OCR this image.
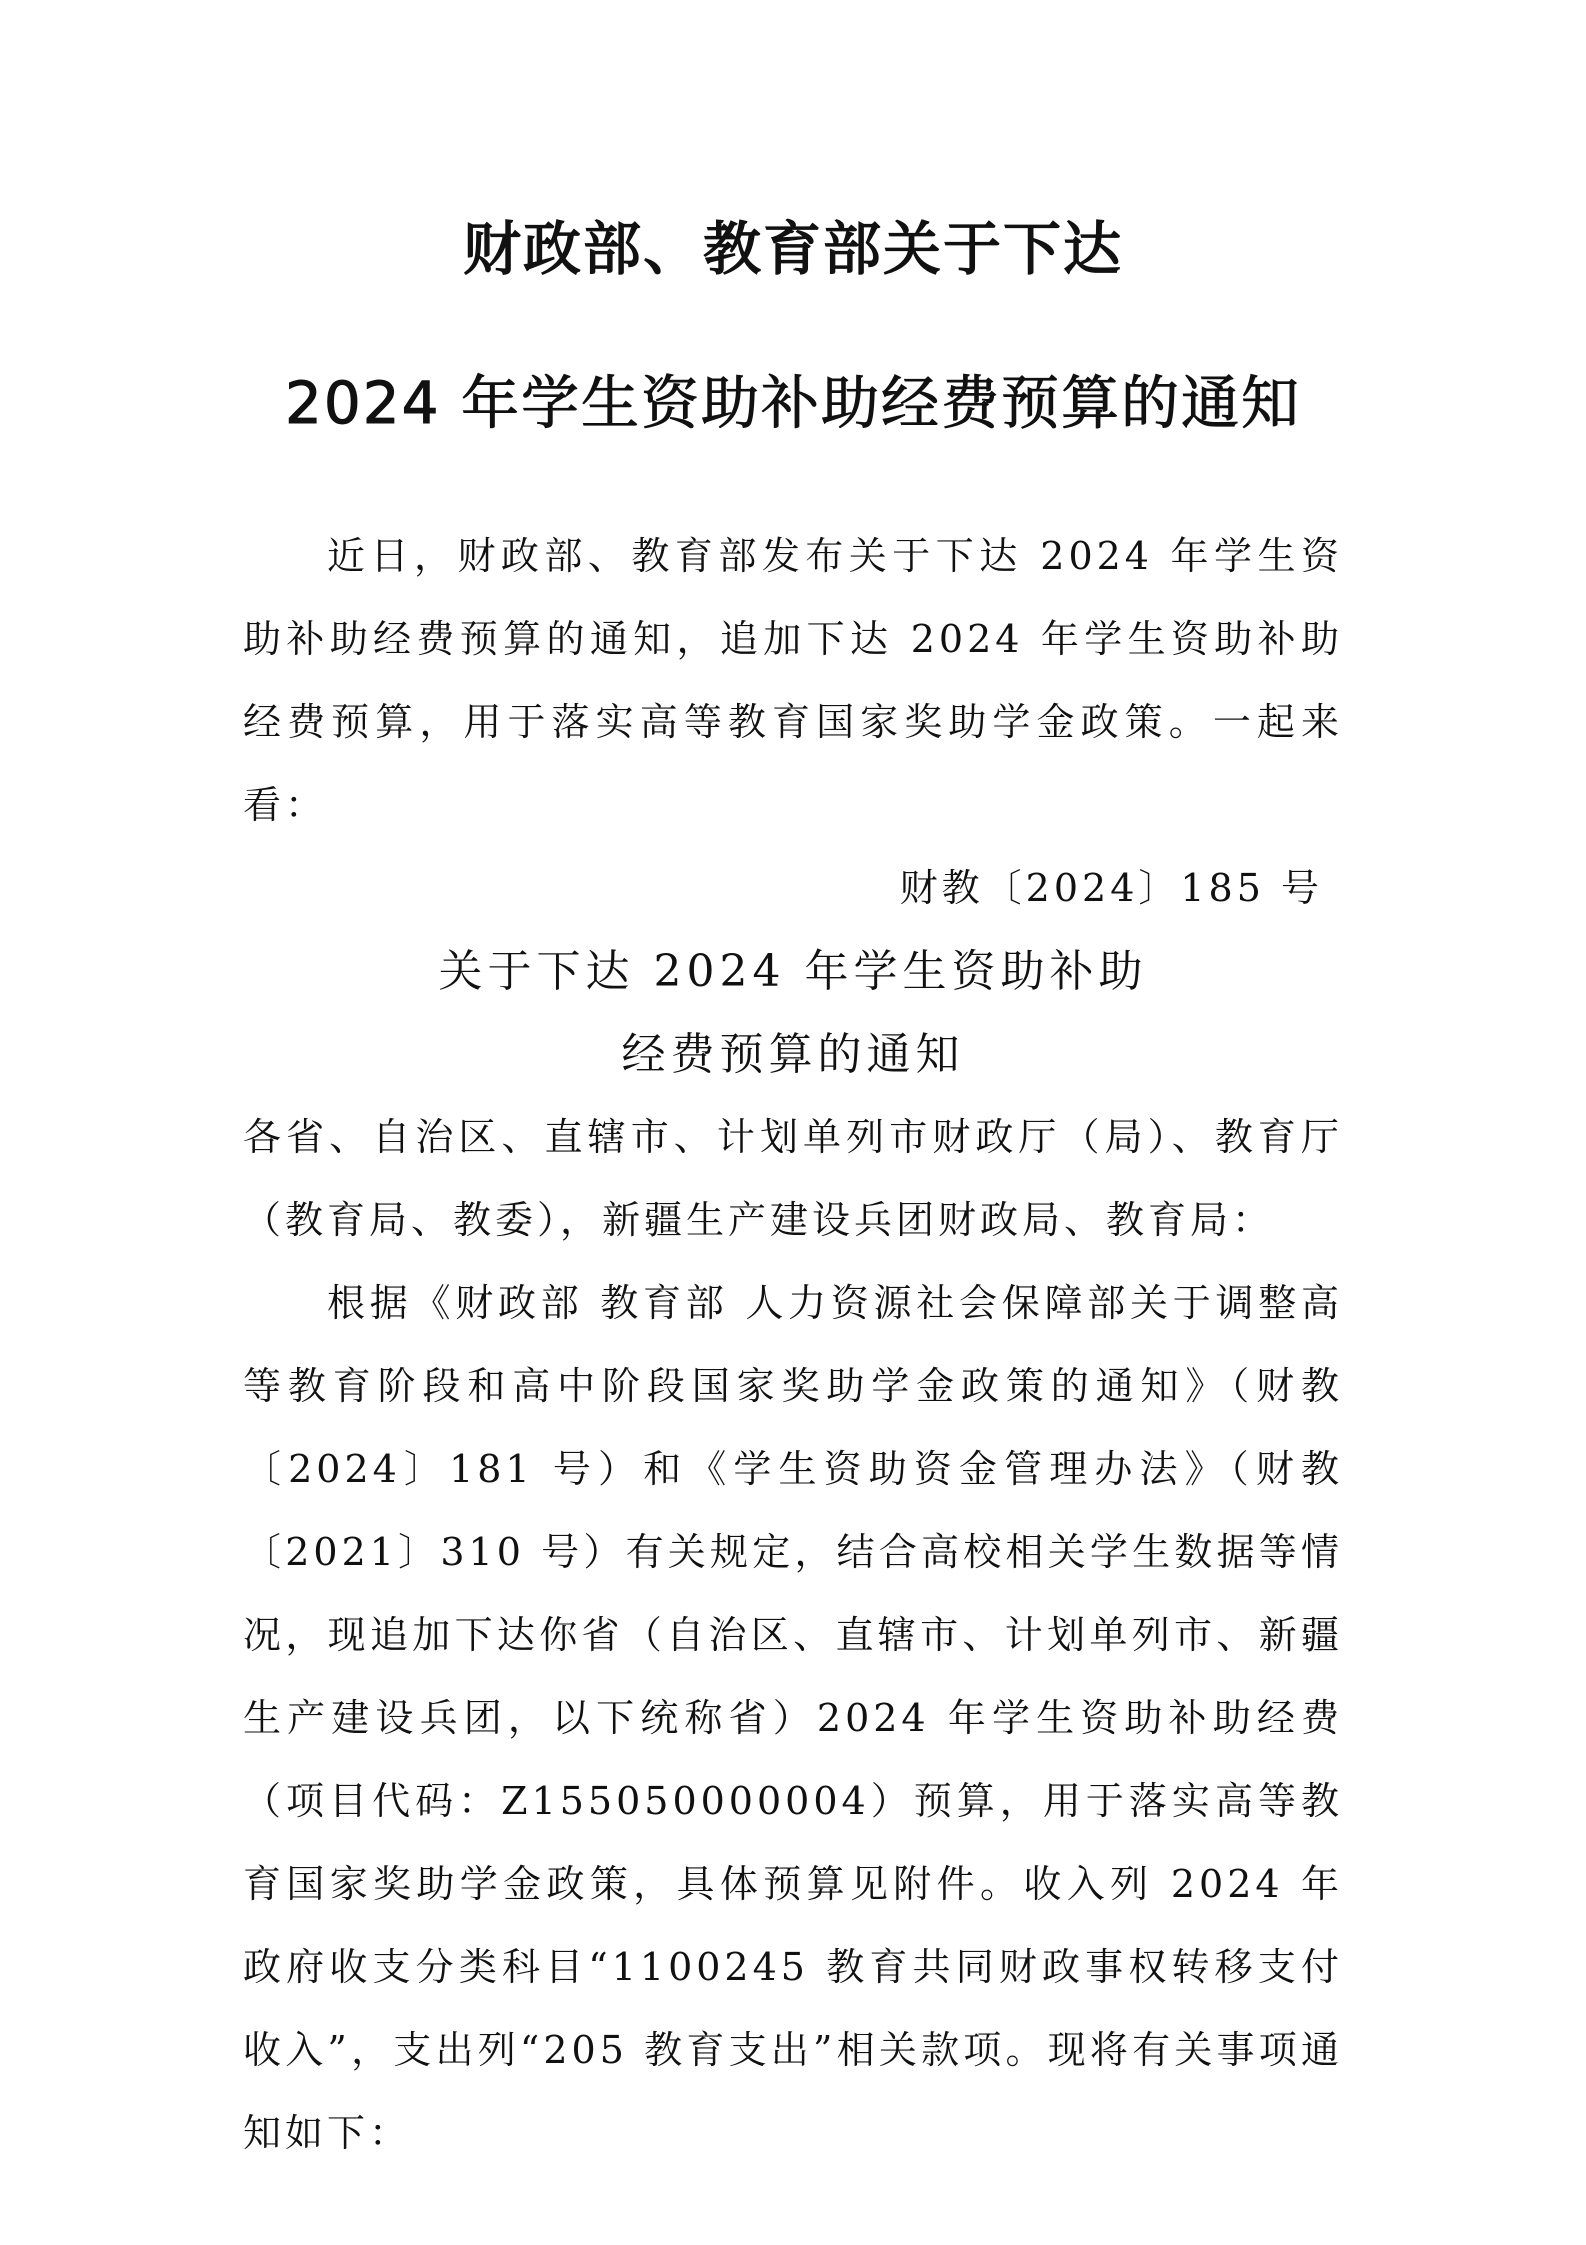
财政部、教育部关于下达
2024 年学生资助补助经费预算的通知

近日，财政部、教育部发布关于下达 2024 年学生资助补助经费预算的通知，追加下达 2024 年学生资助补助经费预算，用于落实高等教育国家奖助学金政策。一起来看：

财教〔2024〕185 号
关于下达 2024 年学生资助补助
经费预算的通知

各省、自治区、直辖市、计划单列市财政厅（局）、教育厅（教育局、教委），新疆生产建设兵团财政局、教育局：

根据《财政部 教育部 人力资源社会保障部关于调整高等教育阶段和高中阶段国家奖助学金政策的通知》（财教〔2024〕181 号）和《学生资助资金管理办法》（财教〔2021〕310 号）有关规定，结合高校相关学生数据等情况，现追加下达你省（自治区、直辖市、计划单列市、新疆生产建设兵团，以下统称省）2024 年学生资助补助经费（项目代码：Z155050000004）预算，用于落实高等教育国家奖助学金政策，具体预算见附件。收入列 2024 年政府收支分类科目“1100245 教育共同财政事权转移支付收入”，支出列“205 教育支出”相关款项。现将有关事项通知如下：
